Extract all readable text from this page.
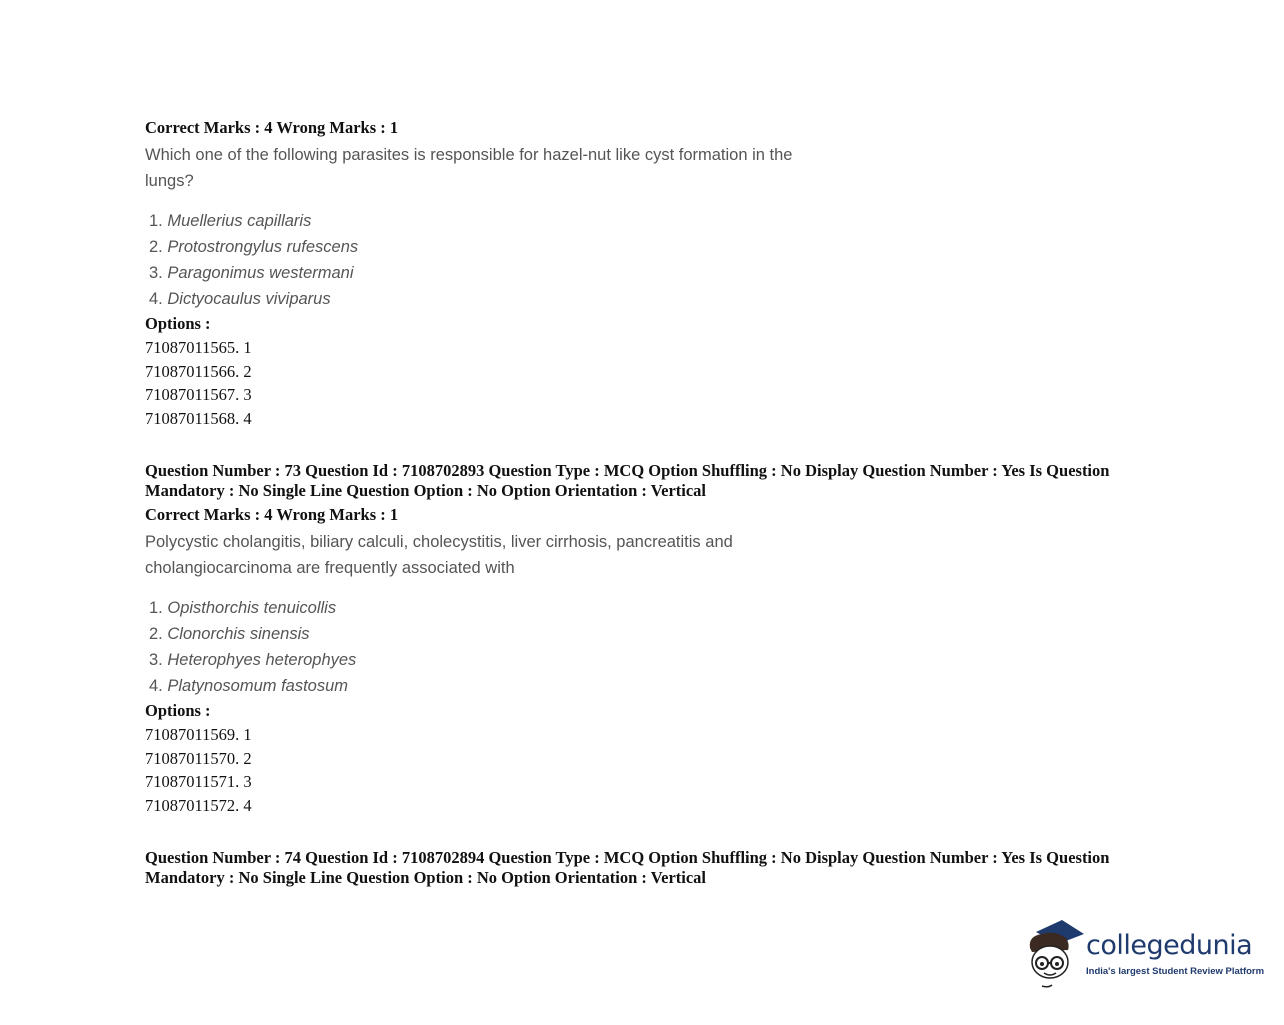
Correct Marks : 4 Wrong Marks : 1

Which one of the following parasites is responsible for hazel-nut like cyst formation in the lungs?

1. Muellerius capillaris
2. Protostrongylus rufescens
3. Paragonimus westermani
4. Dictyocaulus viviparus

Options :

71087011565. 1
71087011566. 2
71087011567. 3
71087011568. 4

Question Number : 73 Question Id : 7108702893 Question Type : MCQ Option Shuffling : No Display Question Number : Yes Is Question Mandatory : No Single Line Question Option : No Option Orientation : Vertical

Correct Marks : 4 Wrong Marks : 1

Polycystic cholangitis, biliary calculi, cholecystitis, liver cirrhosis, pancreatitis and cholangiocarcinoma are frequently associated with

1. Opisthorchis tenuicollis
2. Clonorchis sinensis
3. Heterophyes heterophyes
4. Platynosomum fastosum

Options :

71087011569. 1
71087011570. 2
71087011571. 3
71087011572. 4

Question Number : 74 Question Id : 7108702894 Question Type : MCQ Option Shuffling : No Display Question Number : Yes Is Question Mandatory : No Single Line Question Option : No Option Orientation : Vertical

collegedunia
India's largest Student Review Platform
